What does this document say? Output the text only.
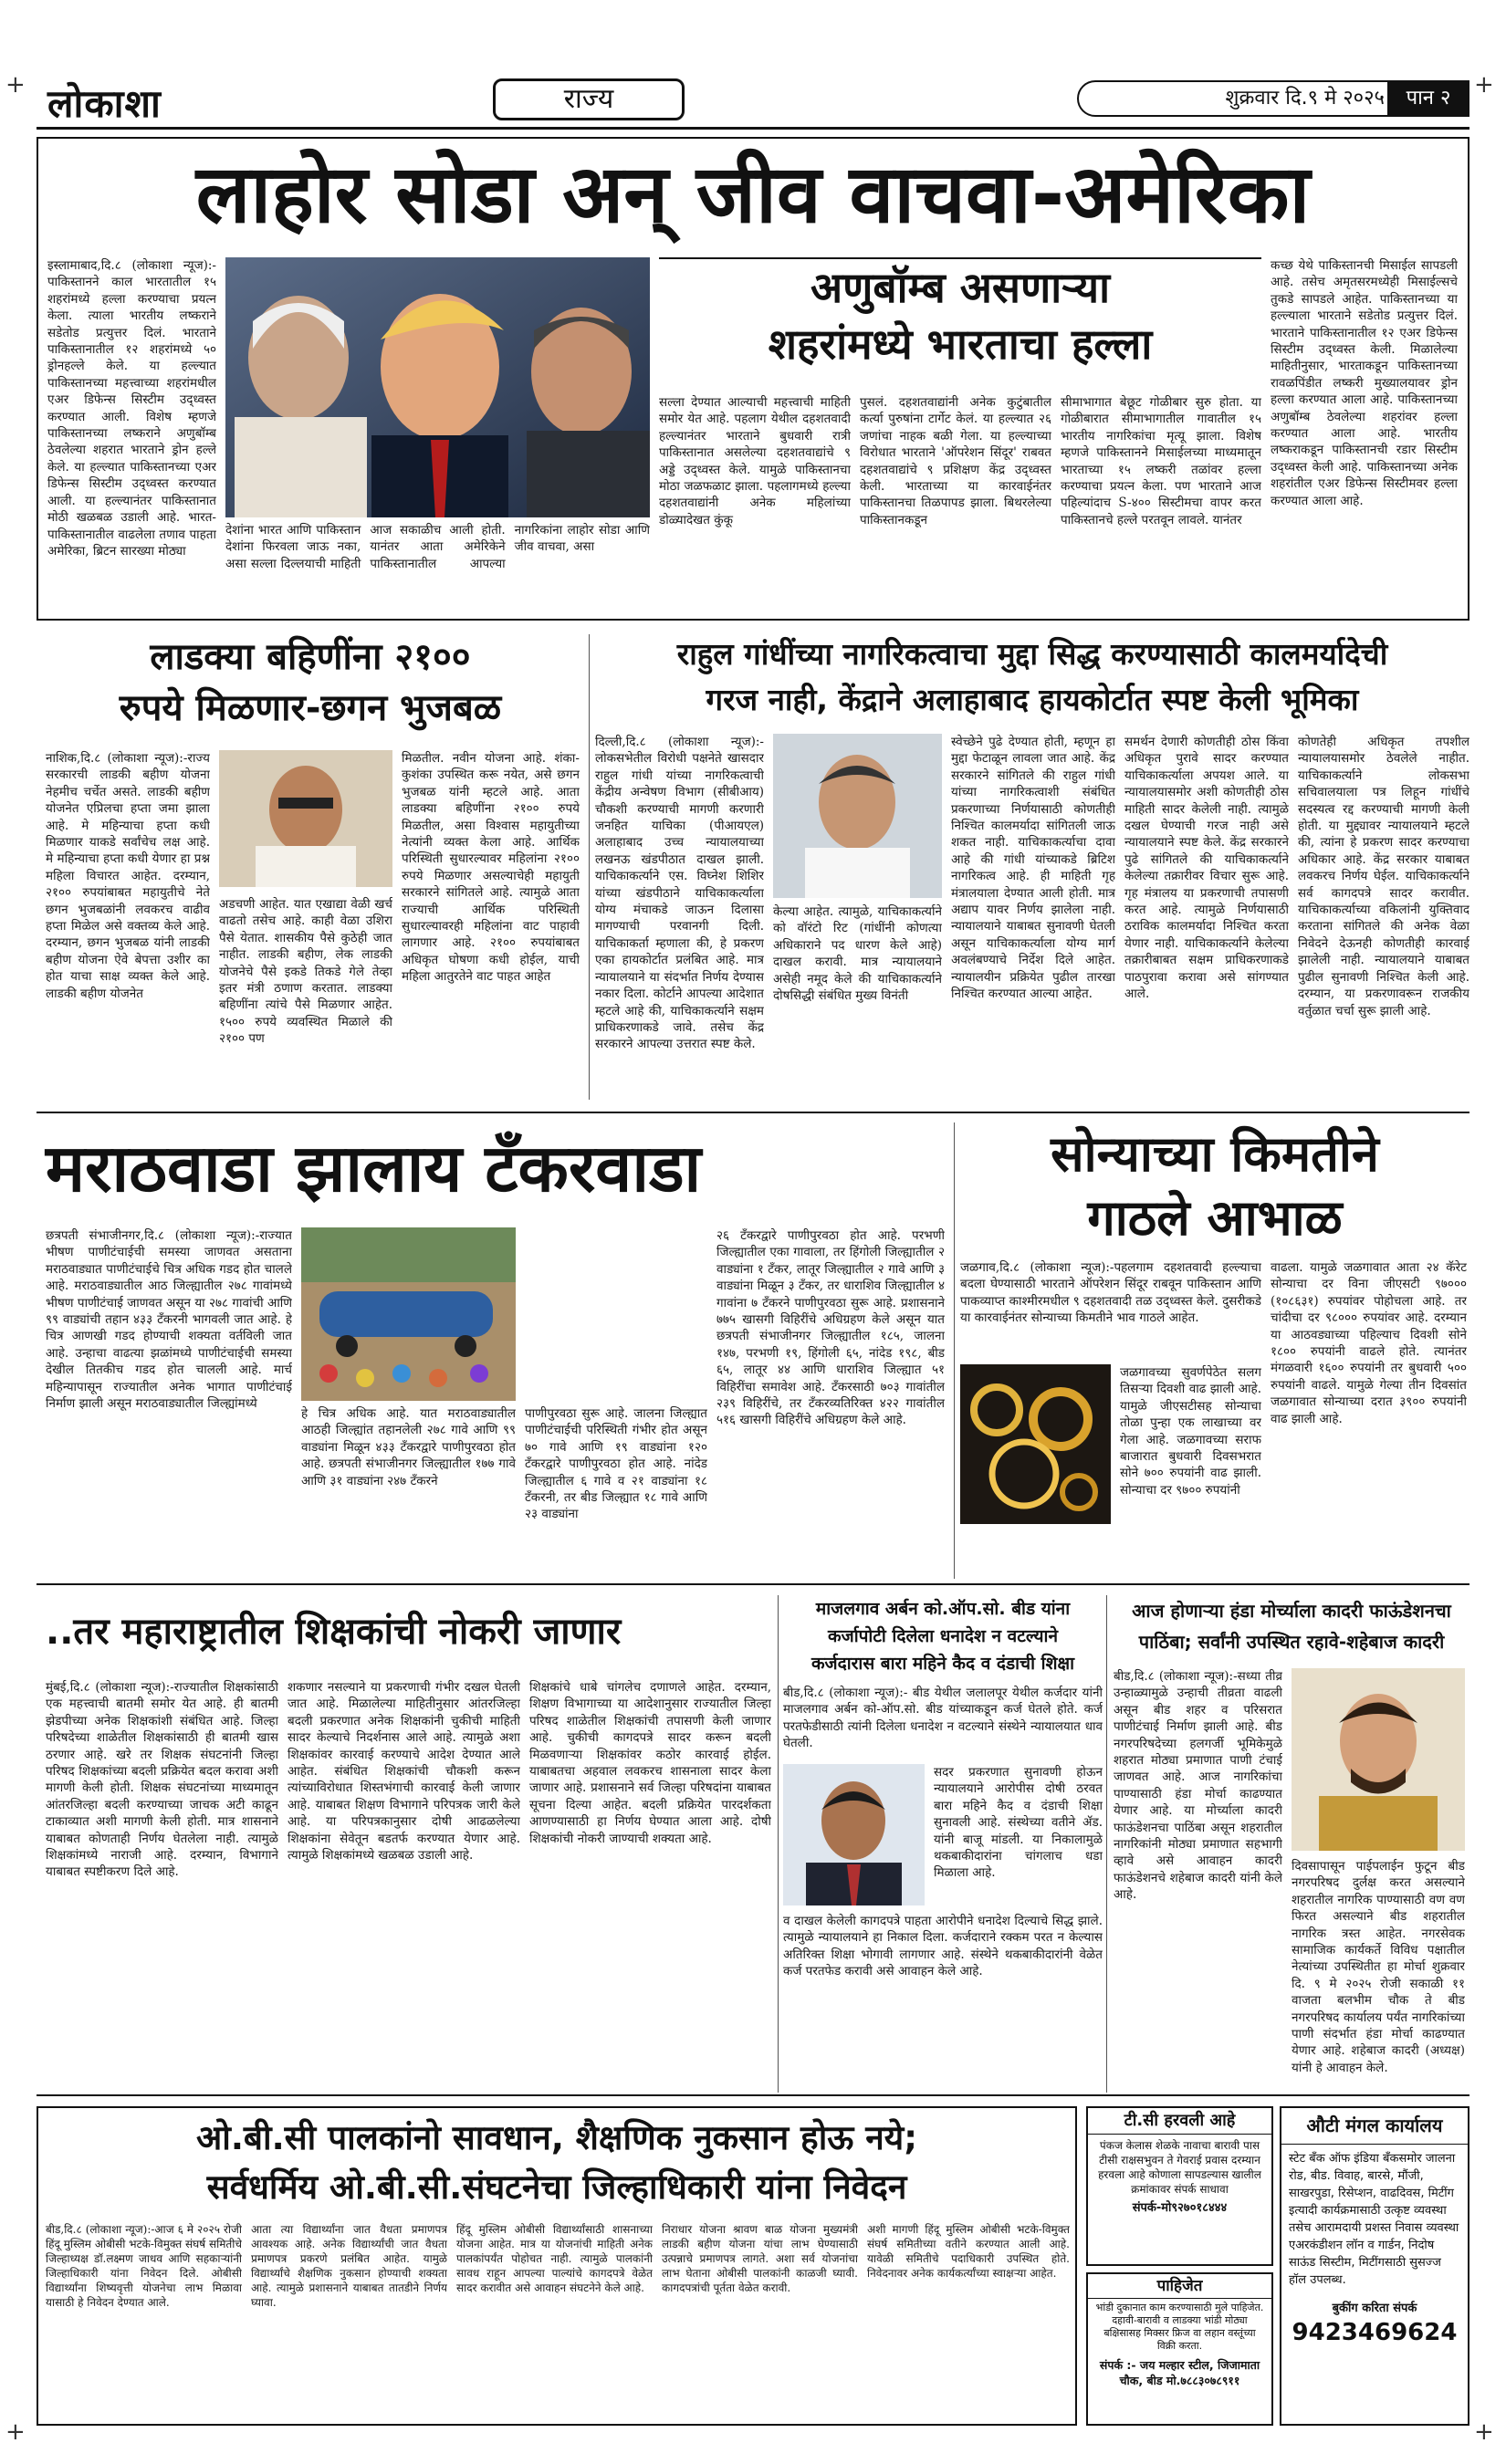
+	+
+	+
लोकाशा	राज्य	शुक्रवार दि.९ मे २०२५	पान २
लाहोर सोडा अन् जीव वाचवा-अमेरिका
इस्लामाबाद,दि.८ (लोकाशा न्यूज):- पाकिस्तानने काल भारतातील १५ शहरांमध्ये हल्ला करण्याचा प्रयत्न केला. त्याला भारतीय लष्कराने सडेतोड प्रत्युत्तर दिलं. भारताने पाकिस्तानातील १२ शहरांमध्ये ५० ड्रोनहल्ले केले. या हल्ल्यात पाकिस्तानच्या महत्त्वाच्या शहरांमधील एअर डिफेन्स सिस्टीम उद्ध्वस्त करण्यात आली. विशेष म्हणजे पाकिस्तानच्या लष्कराने अणुबॉम्ब ठेवलेल्या शहरात भारताने ड्रोन हल्ले केले. या हल्ल्यात पाकिस्तानच्या एअर डिफेन्स सिस्टीम उद्ध्वस्त करण्यात आली. या हल्ल्यानंतर पाकिस्तानात मोठी खळबळ उडाली आहे. भारत-पाकिस्तानातील वाढलेला तणाव पाहता अमेरिका, ब्रिटन सारख्या मोठ्या
देशांना भारत आणि पाकिस्तान देशांना फिरवला जाऊ नका, असा सल्ला दिल्लयाची माहिती आज सकाळीच आली होती. यानंतर आता अमेरिकेने पाकिस्तानातील आपल्या नागरिकांना लाहोर सोडा आणि जीव वाचवा, असा
अणुबॉम्ब असणाऱ्या
शहरांमध्ये भारताचा हल्ला
सल्ला देण्यात आल्याची महत्त्वाची माहिती समोर येत आहे. पहलाग येथील दहशतवादी हल्ल्यानंतर भारताने बुधवारी रात्री पाकिस्तानात असलेल्या दहशतवाद्यांचे ९ अड्डे उद्ध्वस्त केले. यामुळे पाकिस्तानचा मोठा जळफळाट झाला. पहलागमध्ये हल्ल्या दहशतवाद्यांनी अनेक महिलांच्या डोळ्यादेखत कुंकू
पुसलं. दहशतवाद्यांनी अनेक कुटुंबातील कर्त्या पुरुषांना टार्गेट केलं. या हल्ल्यात २६ जणांचा नाहक बळी गेला. या हल्ल्याच्या विरोधात भारताने 'ऑपरेशन सिंदूर' राबवत दहशतवाद्यांचे ९ प्रशिक्षण केंद्र उद्ध्वस्त केली. भारताच्या या कारवाईनंतर पाकिस्तानचा तिळपापड झाला. बिथरलेल्या पाकिस्तानकडून
सीमाभागात बेछूट गोळीबार सुरु होता. या गोळीबारात सीमाभागातील गावातील १५ भारतीय नागरिकांचा मृत्यू झाला. विशेष म्हणजे पाकिस्तानने मिसाईलच्या माध्यमातून भारताच्या १५ लष्करी तळांवर हल्ला करण्याचा प्रयत्न केला. पण भारताने आज पहिल्यांदाच S-४०० सिस्टीमचा वापर करत पाकिस्तानचे हल्ले परतवून लावले. यानंतर
कच्छ येथे पाकिस्तानची मिसाईल सापडली आहे. तसेच अमृतसरमध्येही मिसाईल्सचे तुकडे सापडले आहेत. पाकिस्तानच्या या हल्ल्याला भारताने सडेतोड प्रत्युत्तर दिलं. भारताने पाकिस्तानातील १२ एअर डिफेन्स सिस्टीम उद्ध्वस्त केली. मिळालेल्या माहितीनुसार, भारताकडून पाकिस्तानच्या रावळपिंडीत लष्करी मुख्यालयावर ड्रोन हल्ला करण्यात आला आहे. पाकिस्तानच्या अणुबॉम्ब ठेवलेल्या शहरांवर हल्ला करण्यात आला आहे. भारतीय लष्कराकडून पाकिस्तानची रडार सिस्टीम उद्ध्वस्त केली आहे. पाकिस्तानच्या अनेक शहरांतील एअर डिफेन्स सिस्टीमवर हल्ला करण्यात आला आहे.
लाडक्या बहिणींना २१००
रुपये मिळणार-छगन भुजबळ
नाशिक,दि.८ (लोकाशा न्यूज):-राज्य सरकारची लाडकी बहीण योजना नेहमीच चर्चेत असते. लाडकी बहीण योजनेत एप्रिलचा हप्ता जमा झाला आहे. मे महिन्याचा हप्ता कधी मिळणार याकडे सर्वांचेच लक्ष आहे. मे महिन्याचा हप्ता कधी येणार हा प्रश्न महिला विचारत आहेत. दरम्यान, २१०० रुपयांबाबत महायुतीचे नेते छगन भुजबळांनी लवकरच वाढीव हप्ता मिळेल असे वक्तव्य केले आहे. दरम्यान, छगन भुजबळ यांनी लाडकी बहीण योजना ऐवे बेपत्ता उशीर का होत याचा साक्ष व्यक्त केले आहे. लाडकी बहीण योजनेत
अडचणी आहेत. यात एखाद्या वेळी खर्च वाढतो तसेच आहे. काही वेळा उशिरा पैसे येतात. शासकीय पैसे कुठेही जात नाहीत. लाडकी बहीण, लेक लाडकी योजनेचे पैसे इकडे तिकडे गेले तेव्हा इतर मंत्री ठणाण करतात. लाडक्या बहिणींना त्यांचे पैसे मिळणार आहेत. १५०० रुपये व्यवस्थित मिळाले की २१०० पण
मिळतील. नवीन योजना आहे. शंका-कुशंका उपस्थित करू नयेत, असे छगन भुजबळ यांनी म्हटले आहे. आता लाडक्या बहिणींना २१०० रुपये मिळतील, असा विश्वास महायुतीच्या नेत्यांनी व्यक्त केला आहे. आर्थिक परिस्थिती सुधारल्यावर महिलांना २१०० रुपये मिळणार असल्याचेही महायुती सरकारने सांगितले आहे. त्यामुळे आता राज्याची आर्थिक परिस्थिती सुधारल्यावरही महिलांना वाट पाहावी लागणार आहे. २१०० रुपयांबाबत अधिकृत घोषणा कधी होईल, याची महिला आतुरतेने वाट पाहत आहेत
राहुल गांधींच्या नागरिकत्वाचा मुद्दा सिद्ध करण्यासाठी कालमर्यादेची
गरज नाही, केंद्राने अलाहाबाद हायकोर्टात स्पष्ट केली भूमिका
दिल्ली,दि.८ (लोकाशा न्यूज):-लोकसभेतील विरोधी पक्षनेते खासदार राहुल गांधी यांच्या नागरिकत्वाची केंद्रीय अन्वेषण विभाग (सीबीआय) चौकशी करण्याची मागणी करणारी जनहित याचिका (पीआयएल) अलाहाबाद उच्च न्यायालयाच्या लखनऊ खंडपीठात दाखल झाली. याचिकाकर्त्याने एस. विघ्नेश शिशिर यांच्या खंडपीठाने याचिकाकर्त्याला योग्य मंचाकडे जाऊन दिलासा मागण्याची परवानगी दिली. याचिकाकर्ता म्हणाला की, हे प्रकरण एका हायकोर्टात प्रलंबित आहे. मात्र न्यायालयाने या संदर्भात निर्णय देण्यास नकार दिला. कोर्टाने आपल्या आदेशात म्हटले आहे की, याचिकाकर्त्याने सक्षम प्राधिकरणाकडे जावे. तसेच केंद्र सरकारने आपल्या उत्तरात स्पष्ट केले.
केल्या आहेत. त्यामुळे, याचिकाकर्त्याने को वॉरंटो रिट (गांधींनी कोणत्या अधिकाराने पद धारण केले आहे) दाखल करावी. मात्र न्यायालयाने असेही नमूद केले की याचिकाकर्त्याने दोषसिद्धी संबंधित मुख्य विनंती
स्वेच्छेने पुढे देण्यात होती, म्हणून हा मुद्दा फेटाळून लावला जात आहे. केंद्र सरकारने सांगितले की राहुल गांधी यांच्या नागरिकत्वाशी संबंधित प्रकरणाच्या निर्णयासाठी कोणतीही निश्चित कालमर्यादा सांगितली जाऊ शकत नाही. याचिकाकर्त्याचा दावा आहे की गांधी यांच्याकडे ब्रिटिश नागरिकत्व आहे. ही माहिती गृह मंत्रालयाला देण्यात आली होती. मात्र अद्याप यावर निर्णय झालेला नाही. न्यायालयाने याबाबत सुनावणी घेतली असून याचिकाकर्त्याला योग्य मार्ग अवलंबण्याचे निर्देश दिले आहेत. न्यायालयीन प्रक्रियेत पुढील तारखा निश्चित करण्यात आल्या आहेत.
समर्थन देणारी कोणतीही ठोस किंवा अधिकृत पुरावे सादर करण्यात याचिकाकर्त्याला अपयश आले. या न्यायालयासमोर अशी कोणतीही ठोस माहिती सादर केलेली नाही. त्यामुळे दखल घेण्याची गरज नाही असे न्यायालयाने स्पष्ट केले. केंद्र सरकारने पुढे सांगितले की याचिकाकर्त्याने केलेल्या तक्रारीवर विचार सुरू आहे. गृह मंत्रालय या प्रकरणाची तपासणी करत आहे. त्यामुळे निर्णयासाठी ठराविक कालमर्यादा निश्चित करता येणार नाही. याचिकाकर्त्याने केलेल्या तक्रारीबाबत सक्षम प्राधिकरणाकडे पाठपुरावा करावा असे सांगण्यात आले.
कोणतेही अधिकृत तपशील न्यायालयासमोर ठेवलेले नाहीत. याचिकाकर्त्याने लोकसभा सचिवालयाला पत्र लिहून गांधींचे सदस्यत्व रद्द करण्याची मागणी केली होती. या मुद्द्यावर न्यायालयाने म्हटले की, त्यांना हे प्रकरण सादर करण्याचा अधिकार आहे. केंद्र सरकार याबाबत लवकरच निर्णय घेईल. याचिकाकर्त्याने सर्व कागदपत्रे सादर करावीत. याचिकाकर्त्याच्या वकिलांनी युक्तिवाद करताना सांगितले की अनेक वेळा निवेदने देऊनही कोणतीही कारवाई झालेली नाही. न्यायालयाने याबाबत पुढील सुनावणी निश्चित केली आहे. दरम्यान, या प्रकरणावरून राजकीय वर्तुळात चर्चा सुरू झाली आहे.
मराठवाडा झालाय टँकरवाडा
छत्रपती संभाजीनगर,दि.८ (लोकाशा न्यूज):-राज्यात भीषण पाणीटंचाईची समस्या जाणवत असताना मराठवाड्यात पाणीटंचाईचे चित्र अधिक गडद होत चालले आहे. मराठवाड्यातील आठ जिल्ह्यातील २७८ गावांमध्ये भीषण पाणीटंचाई जाणवत असून या २७८ गावांची आणि ९९ वाड्यांची तहान ४३३ टँकरनी भागवली जात आहे. हे चित्र आणखी गडद होण्याची शक्यता वर्तविली जात आहे. उन्हाचा वाढत्या झळांमध्ये पाणीटंचाईची समस्या देखील तितकीच गडद होत चालली आहे. मार्च महिन्यापासून राज्यातील अनेक भागात पाणीटंचाई निर्माण झाली असून मराठवाड्यातील जिल्ह्यांमध्ये
हे चित्र अधिक आहे. यात मराठवाड्यातील आठही जिल्ह्यांत तहानलेली २७८ गावे आणि ९९ वाड्यांना मिळून ४३३ टँकरद्वारे पाणीपुरवठा होत आहे. छत्रपती संभाजीनगर जिल्ह्यातील १७७ गावे आणि ३१ वाड्यांना २४७ टँकरने
पाणीपुरवठा सुरू आहे. जालना जिल्ह्यात पाणीटंचाईची परिस्थिती गंभीर होत असून ७० गावे आणि १९ वाड्यांना १२० टँकरद्वारे पाणीपुरवठा होत आहे. नांदेड जिल्ह्यातील ६ गावे व २१ वाड्यांना १८ टँकरनी, तर बीड जिल्ह्यात १८ गावे आणि २३ वाड्यांना
२६ टँकरद्वारे पाणीपुरवठा होत आहे. परभणी जिल्ह्यातील एका गावाला, तर हिंगोली जिल्ह्यातील २ वाड्यांना १ टँकर, लातूर जिल्ह्यातील २ गावे आणि ३ वाड्यांना मिळून ३ टँकर, तर धाराशिव जिल्ह्यातील ४ गावांना ७ टँकरने पाणीपुरवठा सुरू आहे. प्रशासनाने ७७५ खासगी विहिरींचे अधिग्रहण केले असून यात छत्रपती संभाजीनगर जिल्ह्यातील १८५, जालना १४७, परभणी १९, हिंगोली ६५, नांदेड १९८, बीड ६५, लातूर ४४ आणि धाराशिव जिल्ह्यात ५१ विहिरींचा समावेश आहे. टँकरसाठी ७०३ गावांतील २३९ विहिरींचे, तर टँकरव्यतिरिक्त ४२२ गावांतील ५१६ खासगी विहिरींचे अधिग्रहण केले आहे.
सोन्याच्या किमतीने
गाठले आभाळ
जळगाव,दि.८ (लोकाशा न्यूज):-पहलगाम दहशतवादी हल्ल्याचा बदला घेण्यासाठी भारताने ऑपरेशन सिंदूर राबवून पाकिस्तान आणि पाकव्याप्त काश्मीरमधील ९ दहशतवादी तळ उद्ध्वस्त केले. दुसरीकडे या कारवाईनंतर सोन्याच्या किमतीने भाव गाठले आहेत.
जळगावच्या सुवर्णपेठेत सलग तिसऱ्या दिवशी वाढ झाली आहे. यामुळे जीएसटीसह सोन्याचा तोळा पुन्हा एक लाखाच्या वर गेला आहे. जळगावच्या सराफ बाजारात बुधवारी दिवसभरात सोने ७०० रुपयांनी वाढ झाली. सोन्याचा दर ९७०० रुपयांनी
वाढला. यामुळे जळगावात आता २४ कॅरेट सोन्याचा दर विना जीएसटी ९७००० (१०८६३१) रुपयांवर पोहोचला आहे. तर चांदीचा दर ९८००० रुपयांवर आहे. दरम्यान या आठवड्याच्या पहिल्याच दिवशी सोने १८०० रुपयांनी वाढले होते. त्यानंतर मंगळवारी १६०० रुपयांनी तर बुधवारी ५०० रुपयांनी वाढले. यामुळे गेल्या तीन दिवसांत जळगावात सोन्याच्या दरात ३९०० रुपयांनी वाढ झाली आहे.
..तर महाराष्ट्रातील शिक्षकांची नोकरी जाणार
मुंबई,दि.८ (लोकाशा न्यूज):-राज्यातील शिक्षकांसाठी एक महत्त्वाची बातमी समोर येत आहे. ही बातमी झेडपीच्या अनेक शिक्षकांशी संबंधित आहे. जिल्हा परिषदेच्या शाळेतील शिक्षकांसाठी ही बातमी खास ठरणार आहे. खरे तर शिक्षक संघटनांनी जिल्हा परिषद शिक्षकांच्या बदली प्रक्रियेत बदल करावा अशी मागणी केली होती. शिक्षक संघटनांच्या माध्यमातून आंतरजिल्हा बदली करण्याच्या जाचक अटी काढून टाकाव्यात अशी मागणी केली होती. मात्र शासनाने याबाबत कोणताही निर्णय घेतलेला नाही. त्यामुळे शिक्षकांमध्ये नाराजी आहे. दरम्यान, विभागाने याबाबत स्पष्टीकरण दिले आहे.
शकणार नसल्याने या प्रकरणाची गंभीर दखल घेतली जात आहे. मिळालेल्या माहितीनुसार आंतरजिल्हा बदली प्रकरणात अनेक शिक्षकांनी चुकीची माहिती सादर केल्याचे निदर्शनास आले आहे. त्यामुळे अशा शिक्षकांवर कारवाई करण्याचे आदेश देण्यात आले आहेत. संबंधित शिक्षकांची चौकशी करून त्यांच्याविरोधात शिस्तभंगाची कारवाई केली जाणार आहे. याबाबत शिक्षण विभागाने परिपत्रक जारी केले आहे. या परिपत्रकानुसार दोषी आढळलेल्या शिक्षकांना सेवेतून बडतर्फ करण्यात येणार आहे. त्यामुळे शिक्षकांमध्ये खळबळ उडाली आहे.
शिक्षकांचे धाबे चांगलेच दणाणले आहेत. दरम्यान, शिक्षण विभागाच्या या आदेशानुसार राज्यातील जिल्हा परिषद शाळेतील शिक्षकांची तपासणी केली जाणार आहे. चुकीची कागदपत्रे सादर करून बदली मिळवणाऱ्या शिक्षकांवर कठोर कारवाई होईल. याबाबतचा अहवाल लवकरच शासनाला सादर केला जाणार आहे. प्रशासनाने सर्व जिल्हा परिषदांना याबाबत सूचना दिल्या आहेत. बदली प्रक्रियेत पारदर्शकता आणण्यासाठी हा निर्णय घेण्यात आला आहे. दोषी शिक्षकांची नोकरी जाण्याची शक्यता आहे.
माजलगाव अर्बन को.ऑप.सो. बीड यांना
कर्जापोटी दिलेला धनादेश न वटल्याने
कर्जदारास बारा महिने कैद व दंडाची शिक्षा
बीड,दि.८ (लोकाशा न्यूज):- बीड येथील जलालपूर येथील कर्जदार यांनी माजलगाव अर्बन को-ऑप.सो. बीड यांच्याकडून कर्ज घेतले होते. कर्ज परतफेडीसाठी त्यांनी दिलेला धनादेश न वटल्याने संस्थेने न्यायालयात धाव घेतली.
सदर प्रकरणात सुनावणी होऊन न्यायालयाने आरोपीस दोषी ठरवत बारा महिने कैद व दंडाची शिक्षा सुनावली आहे. संस्थेच्या वतीने ॲड. यांनी बाजू मांडली. या निकालामुळे थकबाकीदारांना चांगलाच धडा मिळाला आहे.
व दाखल केलेली कागदपत्रे पाहता आरोपीने धनादेश दिल्याचे सिद्ध झाले. त्यामुळे न्यायालयाने हा निकाल दिला. कर्जदाराने रक्कम परत न केल्यास अतिरिक्त शिक्षा भोगावी लागणार आहे. संस्थेने थकबाकीदारांनी वेळेत कर्ज परतफेड करावी असे आवाहन केले आहे.
आज होणाऱ्या हंडा मोर्च्याला कादरी फाऊंडेशनचा
पाठिंबा; सर्वांनी उपस्थित रहावे-शहेबाज कादरी
बीड,दि.८ (लोकाशा न्यूज):-सध्या तीव्र उन्हाळ्यामुळे उन्हाची तीव्रता वाढली असून बीड शहर व परिसरात पाणीटंचाई निर्माण झाली आहे. बीड नगरपरिषदेच्या हलगर्जी भूमिकेमुळे शहरात मोठ्या प्रमाणात पाणी टंचाई जाणवत आहे. आज नागरिकांचा पाण्यासाठी हंडा मोर्चा काढण्यात येणार आहे. या मोर्च्याला कादरी फाऊंडेशनचा पाठिंबा असून शहरातील नागरिकांनी मोठ्या प्रमाणात सहभागी व्हावे असे आवाहन कादरी फाऊंडेशनचे शहेबाज कादरी यांनी केले आहे.
दिवसापासून पाईपलाईन फुटून बीड नगरपरिषद दुर्लक्ष करत असल्याने शहरातील नागरिक पाण्यासाठी वण वण फिरत असल्याने बीड शहरातील नागरिक त्रस्त आहेत. नगरसेवक सामाजिक कार्यकर्ते विविध पक्षातील नेत्यांच्या उपस्थितीत हा मोर्चा शुक्रवार दि. ९ मे २०२५ रोजी सकाळी ११ वाजता बलभीम चौक ते बीड नगरपरिषद कार्यालय पर्यंत नागरिकांच्या पाणी संदर्भात हंडा मोर्चा काढण्यात येणार आहे. शहेबाज कादरी (अध्यक्ष) यांनी हे आवाहन केले.
ओ.बी.सी पालकांनो सावधान, शैक्षणिक नुकसान होऊ नये;
सर्वधर्मिय ओ.बी.सी.संघटनेचा जिल्हाधिकारी यांना निवेदन
बीड,दि.८ (लोकाशा न्यूज):-आज ६ मे २०२५ रोजी हिंदू मुस्लिम ओबीसी भटके-विमुक्त संघर्ष समितीचे जिल्हाध्यक्ष डॉ.लक्ष्मण जाधव आणि सहकाऱ्यांनी जिल्हाधिकारी यांना निवेदन दिले. ओबीसी विद्यार्थ्यांना शिष्यवृत्ती योजनेचा लाभ मिळावा यासाठी हे निवेदन देण्यात आले.
आता त्या विद्यार्थ्यांना जात वैधता प्रमाणपत्र आवश्यक आहे. अनेक विद्यार्थ्यांची जात वैधता प्रमाणपत्र प्रकरणे प्रलंबित आहेत. यामुळे विद्यार्थ्यांचे शैक्षणिक नुकसान होण्याची शक्यता आहे. त्यामुळे प्रशासनाने याबाबत तातडीने निर्णय घ्यावा.
हिंदू मुस्लिम ओबीसी विद्यार्थ्यांसाठी शासनाच्या योजना आहेत. मात्र या योजनांची माहिती अनेक पालकांपर्यंत पोहोचत नाही. त्यामुळे पालकांनी सावध राहून आपल्या पाल्यांचे कागदपत्रे वेळेत सादर करावीत असे आवाहन संघटनेने केले आहे.
निराधार योजना श्रावण बाळ योजना मुख्यमंत्री लाडकी बहीण योजना यांचा लाभ घेण्यासाठी उत्पन्नाचे प्रमाणपत्र लागते. अशा सर्व योजनांचा लाभ घेताना ओबीसी पालकांनी काळजी घ्यावी. कागदपत्रांची पूर्तता वेळेत करावी.
अशी मागणी हिंदू मुस्लिम ओबीसी भटके-विमुक्त संघर्ष समितीच्या वतीने करण्यात आली आहे. यावेळी समितीचे पदाधिकारी उपस्थित होते. निवेदनावर अनेक कार्यकर्त्यांच्या स्वाक्षऱ्या आहेत.
टी.सी हरवली आहे
पंकज केलास शेळके नावाचा बारावी पास टीसी राक्षसभुवन ते गेवराई प्रवास दरम्यान हरवला आहे कोणाला सापडल्यास खालील क्रमांकावर संपर्क साधावा
संपर्क-मो९२७०१८४४४
पाहिजेत
भांडी दुकानात काम करण्यासाठी मुले पाहिजेत. दहावी-बारावी व लाडक्या भांडी मोठ्या बक्षिसासह मिक्सर फ्रिज वा लहान वस्तूंच्या विक्री करता.
संपर्क :- जय मल्हार स्टील, जिजामाता चौक, बीड मो.७८८३०७८९११
औटी मंगल कार्यालय
स्टेट बँक ऑफ इंडिया बँकसमोर जालना रोड, बीड. विवाह, बारसे, मौंजी, साखरपुडा, रिसेप्शन, वाढदिवस, मिटींग इत्यादी कार्यक्रमासाठी उत्कृष्ट व्यवस्था तसेच आरामदायी प्रशस्त निवास व्यवस्था एअरकंडीशन लॉन व गार्डन, निदोष साऊंड सिस्टीम, मिटींगसाठी सुसज्ज हॉल उपलब्ध.
बुकींग करिता संपर्क
9423469624
